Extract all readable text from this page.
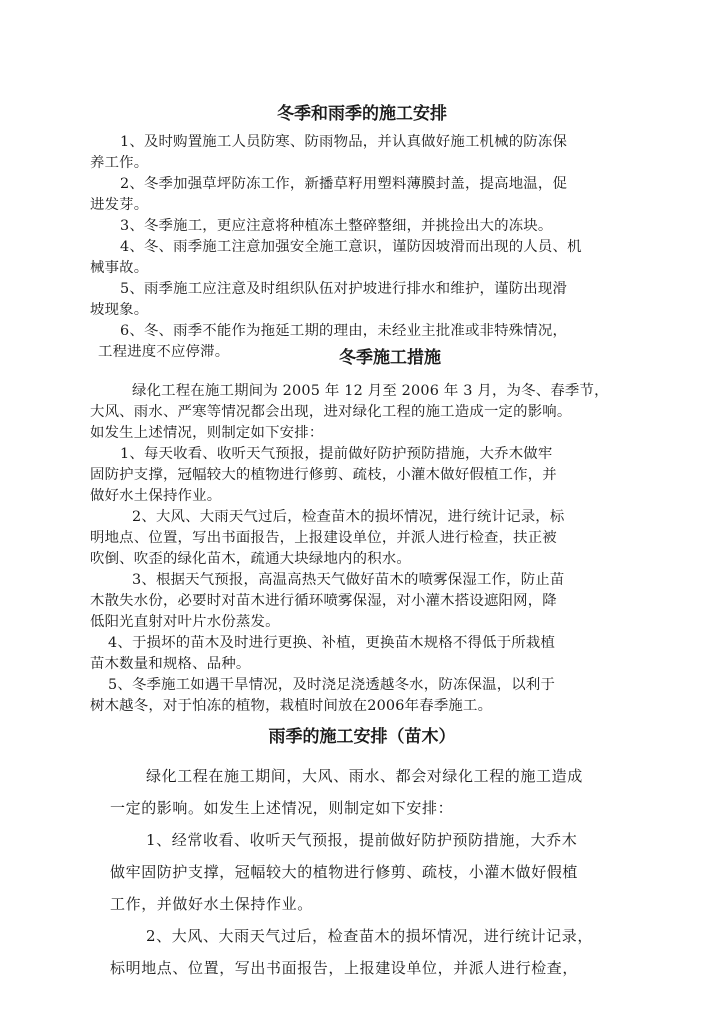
冬季和雨季的施工安排
1、及时购置施工人员防寒、防雨物品，并认真做好施工机械的防冻保
养工作。
2、冬季加强草坪防冻工作，新播草籽用塑料薄膜封盖，提高地温，促
进发芽。
3、冬季施工，更应注意将种植冻土整碎整细，并挑捡出大的冻块。
4、冬、雨季施工注意加强安全施工意识，谨防因坡滑而出现的人员、机
械事故。
5、雨季施工应注意及时组织队伍对护坡进行排水和维护，谨防出现滑
坡现象。
6、冬、雨季不能作为拖延工期的理由，未经业主批准或非特殊情况，
工程进度不应停滞。	冬季施工措施
绿化工程在施工期间为 2005 年 12 月至 2006 年 3 月，为冬、春季节，
大风、雨水、严寒等情况都会出现，进对绿化工程的施工造成一定的影响。
如发生上述情况，则制定如下安排：
1、每天收看、收听天气预报，提前做好防护预防措施，大乔木做牢
固防护支撑，冠幅较大的植物进行修剪、疏枝，小灌木做好假植工作，并
做好水土保持作业。
2、大风、大雨天气过后，检查苗木的损坏情况，进行统计记录，标
明地点、位置，写出书面报告，上报建设单位，并派人进行检查，扶正被
吹倒、吹歪的绿化苗木，疏通大块绿地内的积水。
3、根据天气预报，高温高热天气做好苗木的喷雾保湿工作，防止苗
木散失水份，必要时对苗木进行循环喷雾保湿，对小灌木搭设遮阳网，降
低阳光直射对叶片水份蒸发。
4、于损坏的苗木及时进行更换、补植，更换苗木规格不得低于所栽植
苗木数量和规格、品种。
5、冬季施工如遇干旱情况，及时浇足浇透越冬水，防冻保温，以利于
树木越冬，对于怕冻的植物，栽植时间放在2006年春季施工。
雨季的施工安排（苗木）
绿化工程在施工期间，大风、雨水、都会对绿化工程的施工造成
一定的影响。如发生上述情况，则制定如下安排：
1、经常收看、收听天气预报，提前做好防护预防措施，大乔木
做牢固防护支撑，冠幅较大的植物进行修剪、疏枝，小灌木做好假植
工作，并做好水土保持作业。
2、大风、大雨天气过后，检查苗木的损坏情况，进行统计记录，
标明地点、位置，写出书面报告，上报建设单位，并派人进行检查，
